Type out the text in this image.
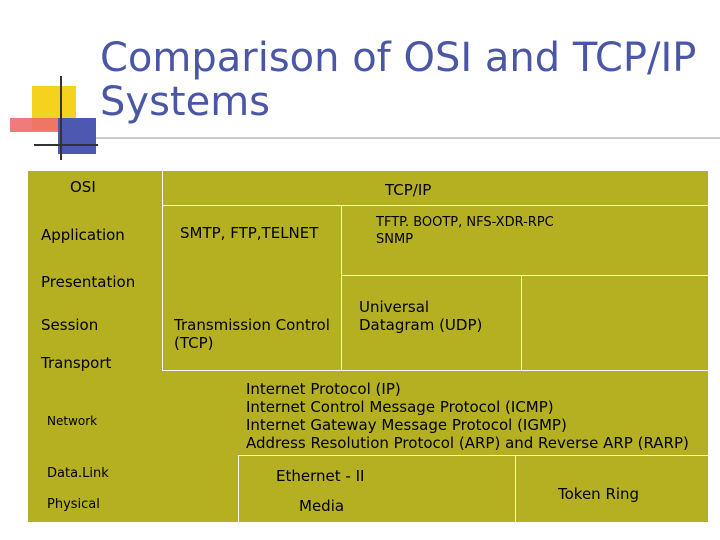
Comparison of OSI and TCP/IP
Systems
OSI
Application
Presentation
Session
Transport
Network
Data.Link
Physical
TCP/IP
SMTP, FTP,TELNET
TFTP. BOOTP, NFS-XDR-RPC
SNMP
Transmission Control (TCP)
Universal Datagram (UDP)
Internet Protocol (IP)
Internet Control Message Protocol (ICMP)
Internet Gateway Message Protocol (IGMP)
Address Resolution Protocol (ARP) and Reverse ARP (RARP)
Ethernet - II
Media
Token Ring
